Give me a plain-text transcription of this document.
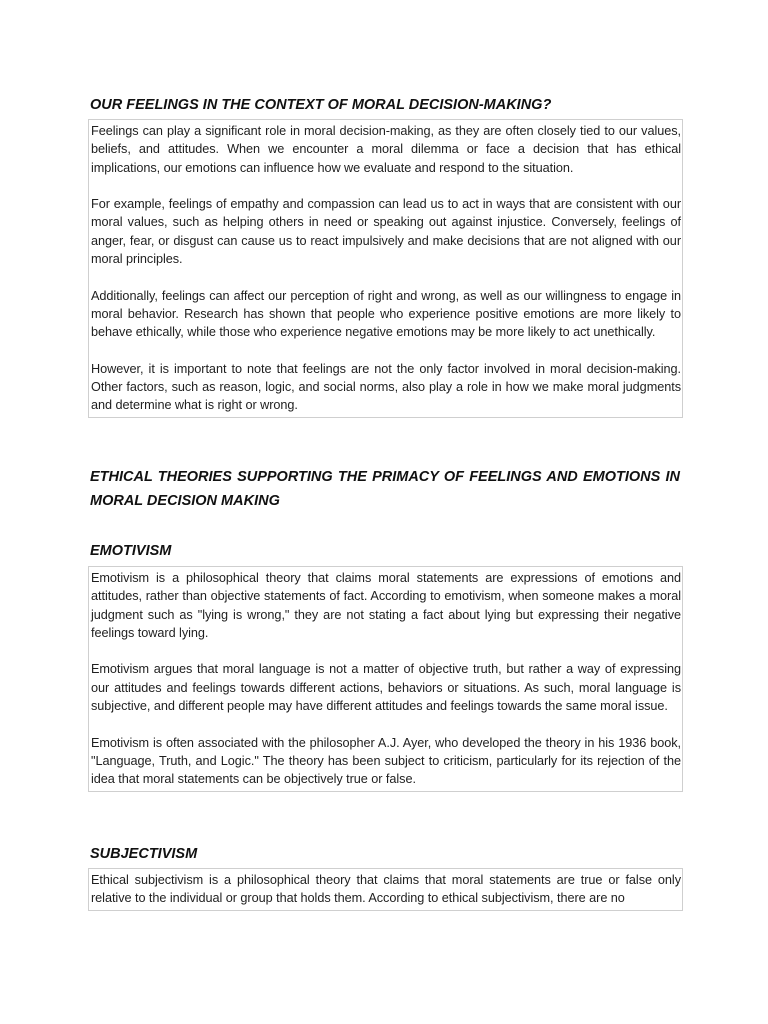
OUR FEELINGS IN THE CONTEXT OF MORAL DECISION-MAKING?

Feelings can play a significant role in moral decision-making, as they are often closely tied to our values, beliefs, and attitudes. When we encounter a moral dilemma or face a decision that has ethical implications, our emotions can influence how we evaluate and respond to the situation.

For example, feelings of empathy and compassion can lead us to act in ways that are consistent with our moral values, such as helping others in need or speaking out against injustice. Conversely, feelings of anger, fear, or disgust can cause us to react impulsively and make decisions that are not aligned with our moral principles.

Additionally, feelings can affect our perception of right and wrong, as well as our willingness to engage in moral behavior. Research has shown that people who experience positive emotions are more likely to behave ethically, while those who experience negative emotions may be more likely to act unethically.

However, it is important to note that feelings are not the only factor involved in moral decision-making. Other factors, such as reason, logic, and social norms, also play a role in how we make moral judgments and determine what is right or wrong.

ETHICAL THEORIES SUPPORTING THE PRIMACY OF FEELINGS AND EMOTIONS IN MORAL DECISION MAKING
EMOTIVISM

Emotivism is a philosophical theory that claims moral statements are expressions of emotions and attitudes, rather than objective statements of fact. According to emotivism, when someone makes a moral judgment such as "lying is wrong," they are not stating a fact about lying but expressing their negative feelings toward lying.

Emotivism argues that moral language is not a matter of objective truth, but rather a way of expressing our attitudes and feelings towards different actions, behaviors or situations. As such, moral language is subjective, and different people may have different attitudes and feelings towards the same moral issue.

Emotivism is often associated with the philosopher A.J. Ayer, who developed the theory in his 1936 book, "Language, Truth, and Logic." The theory has been subject to criticism, particularly for its rejection of the idea that moral statements can be objectively true or false.

SUBJECTIVISM

Ethical subjectivism is a philosophical theory that claims that moral statements are true or false only relative to the individual or group that holds them. According to ethical subjectivism, there are no
